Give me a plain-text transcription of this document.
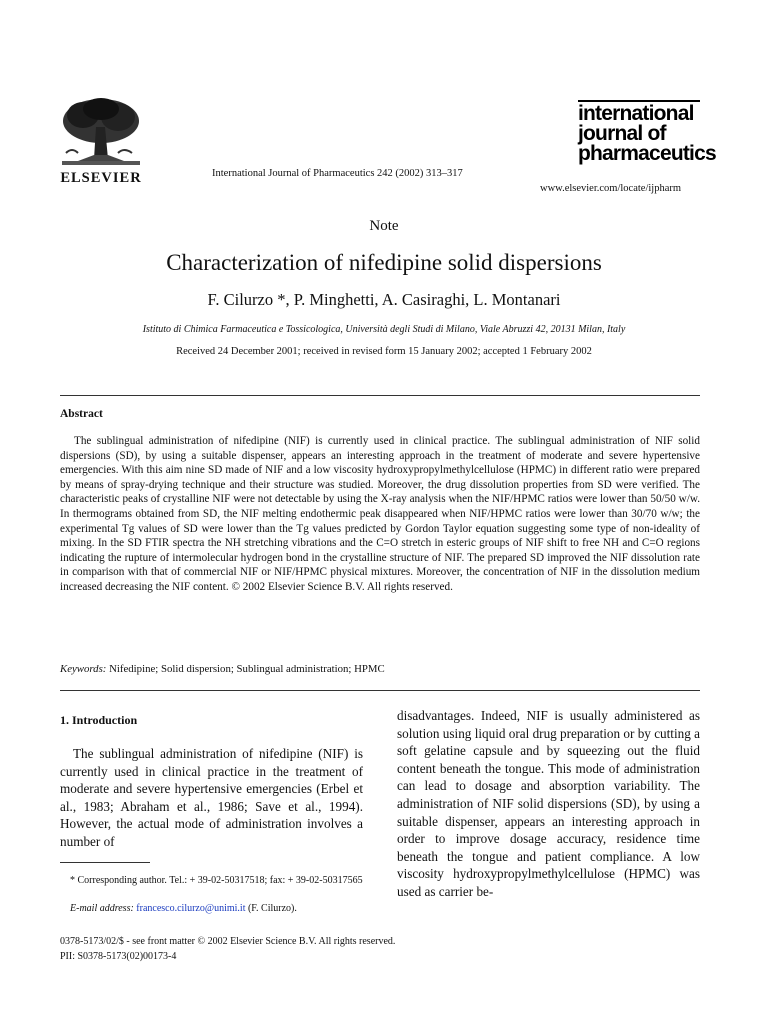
ELSEVIER	International Journal of Pharmaceutics 242 (2002) 313–317
international
journal of
pharmaceutics
www.elsevier.com/locate/ijpharm
Note
Characterization of nifedipine solid dispersions
F. Cilurzo *, P. Minghetti, A. Casiraghi, L. Montanari
Istituto di Chimica Farmaceutica e Tossicologica, Università degli Studi di Milano, Viale Abruzzi 42, 20131 Milan, Italy
Received 24 December 2001; received in revised form 15 January 2002; accepted 1 February 2002
Abstract
The sublingual administration of nifedipine (NIF) is currently used in clinical practice. The sublingual administration of NIF solid dispersions (SD), by using a suitable dispenser, appears an interesting approach in the treatment of moderate and severe hypertensive emergencies. With this aim nine SD made of NIF and a low viscosity hydroxypropylmethylcellulose (HPMC) in different ratio were prepared by means of spray-drying technique and their structure was studied. Moreover, the drug dissolution properties from SD were verified. The characteristic peaks of crystalline NIF were not detectable by using the X-ray analysis when the NIF/HPMC ratios were lower than 50/50 w/w. In thermograms obtained from SD, the NIF melting endothermic peak disappeared when NIF/HPMC ratios were lower than 30/70 w/w; the experimental Tg values of SD were lower than the Tg values predicted by Gordon Taylor equation suggesting some type of non-ideality of mixing. In the SD FTIR spectra the NH stretching vibrations and the C=O stretch in esteric groups of NIF shift to free NH and C=O regions indicating the rupture of intermolecular hydrogen bond in the crystalline structure of NIF. The prepared SD improved the NIF dissolution rate in comparison with that of commercial NIF or NIF/HPMC physical mixtures. Moreover, the concentration of NIF in the dissolution medium increased decreasing the NIF content. © 2002 Elsevier Science B.V. All rights reserved.
Keywords: Nifedipine; Solid dispersion; Sublingual administration; HPMC
1. Introduction
The sublingual administration of nifedipine (NIF) is currently used in clinical practice in the treatment of moderate and severe hypertensive emergencies (Erbel et al., 1983; Abraham et al., 1986; Save et al., 1994). However, the actual mode of administration involves a number of
disadvantages. Indeed, NIF is usually administered as solution using liquid oral drug preparation or by cutting a soft gelatine capsule and by squeezing out the fluid content beneath the tongue. This mode of administration can lead to dosage and absorption variability. The administration of NIF solid dispersions (SD), by using a suitable dispenser, appears an interesting approach in order to improve dosage accuracy, residence time beneath the tongue and patient compliance. A low viscosity hydroxypropylmethylcellulose (HPMC) was used as carrier be-
* Corresponding author. Tel.: + 39-02-50317518; fax: + 39-02-50317565
E-mail address: francesco.cilurzo@unimi.it (F. Cilurzo).
0378-5173/02/$ - see front matter © 2002 Elsevier Science B.V. All rights reserved.
PII: S0378-5173(02)00173-4
